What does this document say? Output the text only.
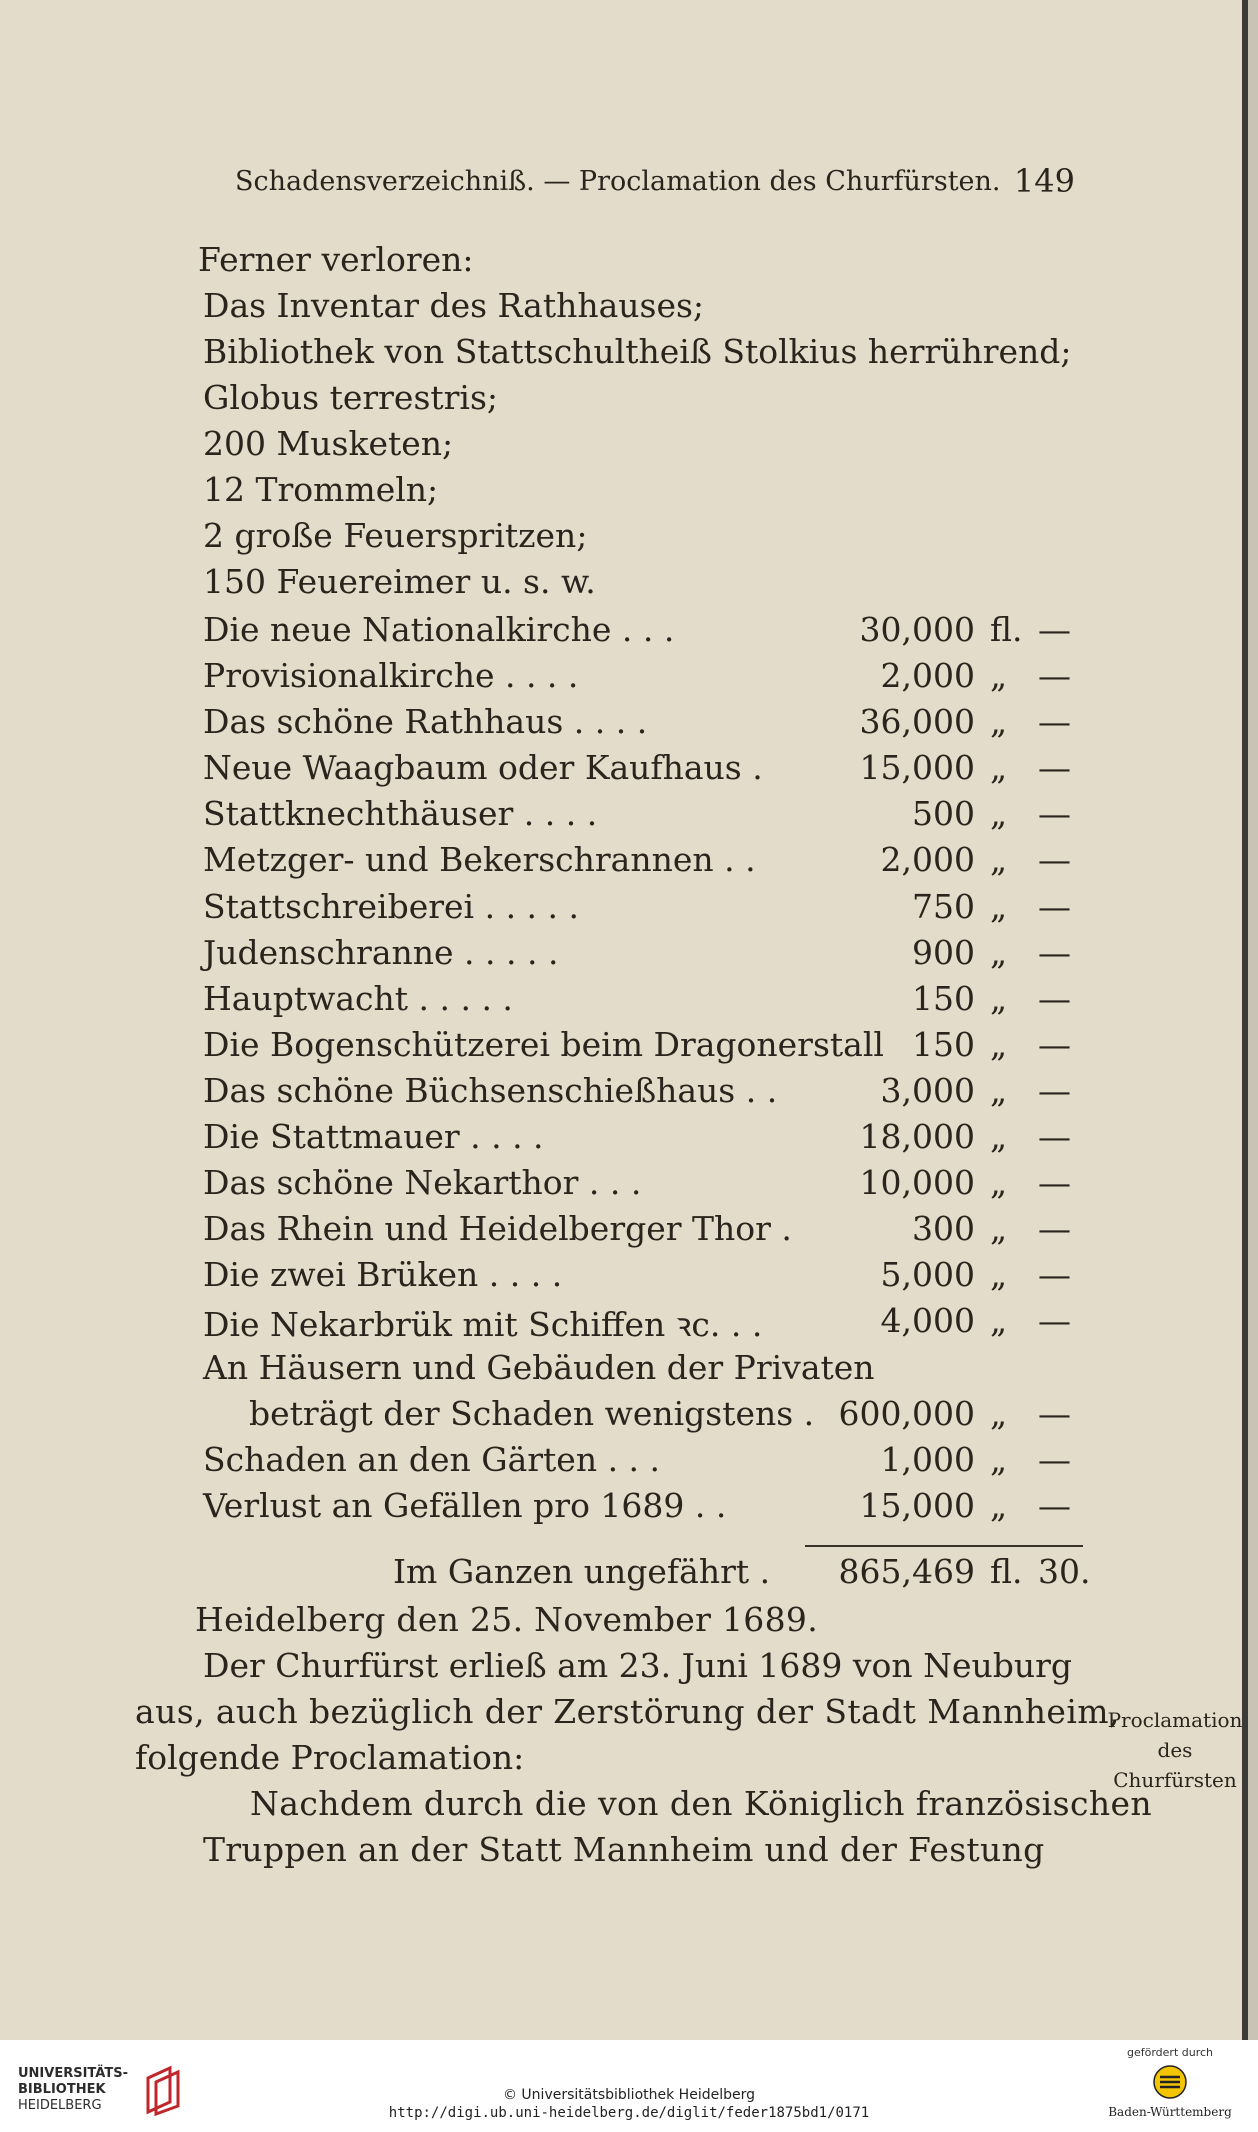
Schadensverzeichniß. — Proclamation des Churfürsten. 149
Ferner verloren:
Das Inventar des Rathhauses;
Bibliothek von Stattschultheiß Stolkius herrührend;
Globus terrestris;
200 Musketen;
12 Trommeln;
2 große Feuerspritzen;
150 Feuereimer u. s. w.
Die neue Nationalkirche . . .	30,000 fl. —
Provisionalkirche . . . .	2,000 „ —
Das schöne Rathhaus . . . .	36,000 „ —
Neue Waagbaum oder Kaufhaus .	15,000 „ —
Stattknechthäuser . . . .	500 „ —
Metzger- und Bekerschrannen . .	2,000 „ —
Stattschreiberei . . . . .	750 „ —
Judenschranne . . . . .	900 „ —
Hauptwacht . . . . .	150 „ —
Die Bogenschützerei beim Dragonerstall 150 „ —
Das schöne Büchsenschießhaus . .	3,000 „ —
Die Stattmauer . . . .	18,000 „ —
Das schöne Nekarthor . . .	10,000 „ —
Das Rhein und Heidelberger Thor .	300 „ —
Die zwei Brüken . . . .	5,000 „ —
Die Nekarbrük mit Schiffen ꝛc. . .	4,000 „ —
An Häusern und Gebäuden der Privaten
beträgt der Schaden wenigstens . 600,000 „ —
Schaden an den Gärten . . .	1,000 „ —
Verlust an Gefällen pro 1689 . .	15,000 „ —
Im Ganzen ungefährt . 865,469 fl. 30.
Heidelberg den 25. November 1689.
Der Churfürst erließ am 23. Juni 1689 von Neuburg
aus, auch bezüglich der Zerstörung der Stadt Mannheim,
folgende Proclamation:
Nachdem durch die von den Königlich französischen
Truppen an der Statt Mannheim und der Festung
Proclamation
des Churfürsten
UNIVERSITÄTS-
BIBLIOTHEK
HEIDELBERG
© Universitätsbibliothek Heidelberg
http://digi.ub.uni-heidelberg.de/diglit/feder1875bd1/0171
gefördert durch
Baden-Württemberg
